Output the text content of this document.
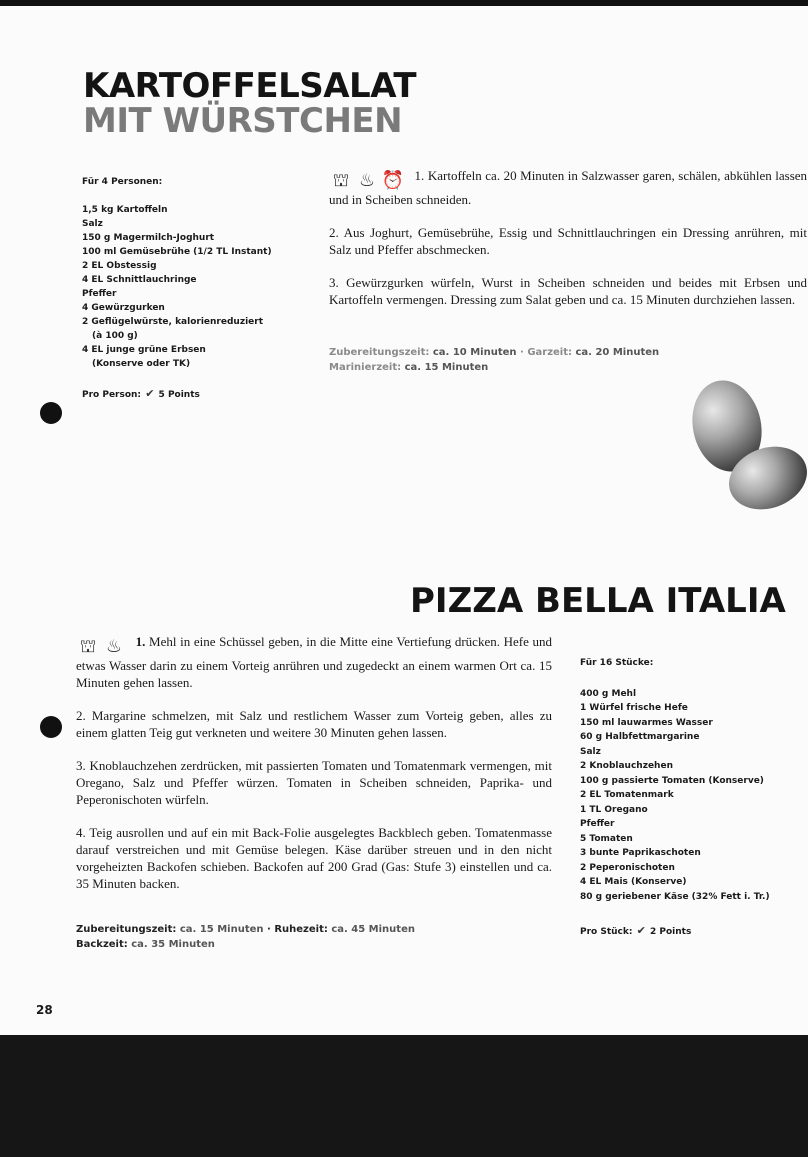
KARTOFFELSALAT
MIT WÜRSTCHEN
Für 4 Personen:
1,5 kg Kartoffeln
Salz
150 g Magermilch-Joghurt
100 ml Gemüsebrühe (1/2 TL Instant)
2 EL Obstessig
4 EL Schnittlauchringe
Pfeffer
4 Gewürzgurken
2 Geflügelwürste, kalorienreduziert
(à 100 g)
4 EL junge grüne Erbsen
(Konserve oder TK)
Pro Person: ✔ 5 Points

⛫ ♨ ⏰ 1. Kartoffeln ca. 20 Minuten in Salzwasser garen, schälen, abkühlen lassen und in Scheiben schneiden.

2. Aus Joghurt, Gemüsebrühe, Essig und Schnittlauchringen ein Dressing anrühren, mit Salz und Pfeffer abschmecken.

3. Gewürzgurken würfeln, Wurst in Scheiben schneiden und beides mit Erbsen und Kartoffeln vermengen. Dressing zum Salat geben und ca. 15 Minuten durchziehen lassen.

Zubereitungszeit: ca. 10 Minuten · Garzeit: ca. 20 Minuten
Marinierzeit: ca. 15 Minuten
PIZZA BELLA ITALIA

⛫ ♨ 1. Mehl in eine Schüssel geben, in die Mitte eine Vertiefung drücken. Hefe und etwas Wasser darin zu einem Vorteig anrühren und zugedeckt an einem warmen Ort ca. 15 Minuten gehen lassen.

2. Margarine schmelzen, mit Salz und restlichem Wasser zum Vorteig geben, alles zu einem glatten Teig gut verkneten und weitere 30 Minuten gehen lassen.

3. Knoblauchzehen zerdrücken, mit passierten Tomaten und Tomatenmark vermengen, mit Oregano, Salz und Pfeffer würzen. Tomaten in Scheiben schneiden, Paprika- und Peperonischoten würfeln.

4. Teig ausrollen und auf ein mit Back-Folie ausgelegtes Backblech geben. Tomatenmasse darauf verstreichen und mit Gemüse belegen. Käse darüber streuen und in den nicht vorgeheizten Backofen schieben. Backofen auf 200 Grad (Gas: Stufe 3) einstellen und ca. 35 Minuten backen.

Zubereitungszeit: ca. 15 Minuten · Ruhezeit: ca. 45 Minuten
Backzeit: ca. 35 Minuten
Für 16 Stücke:
400 g Mehl
1 Würfel frische Hefe
150 ml lauwarmes Wasser
60 g Halbfettmargarine
Salz
2 Knoblauchzehen
100 g passierte Tomaten (Konserve)
2 EL Tomatenmark
1 TL Oregano
Pfeffer
5 Tomaten
3 bunte Paprikaschoten
2 Peperonischoten
4 EL Mais (Konserve)
80 g geriebener Käse (32% Fett i. Tr.)
Pro Stück: ✔ 2 Points
28
